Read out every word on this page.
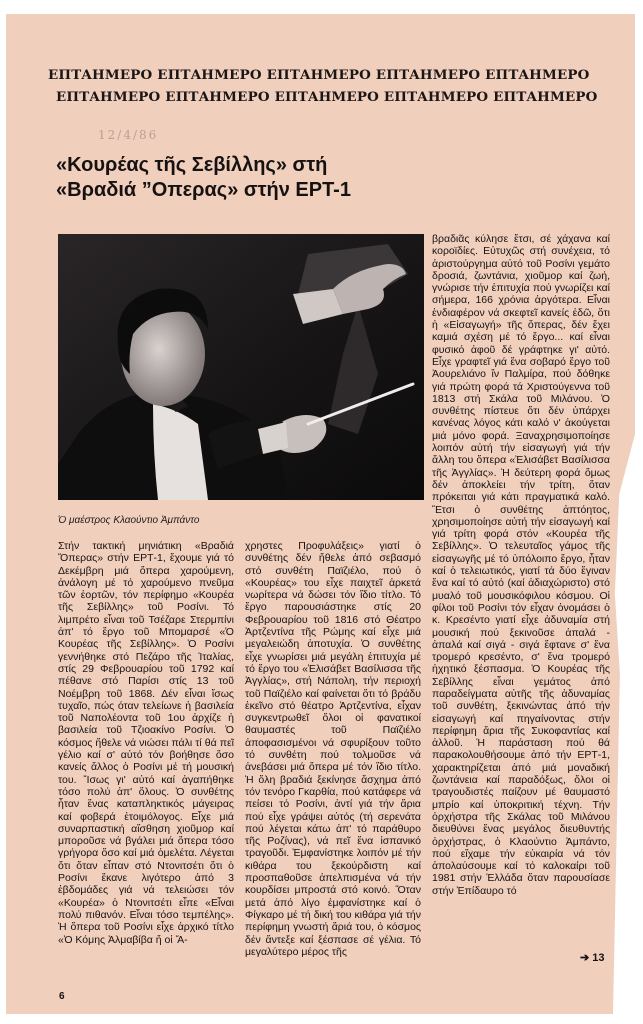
ΕΠΤΑΗΜΕΡΟ ΕΠΤΑΗΜΕΡΟ ΕΠΤΑΗΜΕΡΟ ΕΠΤΑΗΜΕΡΟ ΕΠΤΑΗΜΕΡΟ
ΕΠΤΑΗΜΕΡΟ ΕΠΤΑΗΜΕΡΟ ΕΠΤΑΗΜΕΡΟ ΕΠΤΑΗΜΕΡΟ ΕΠΤΑΗΜΕΡΟ
12/4/86
«Κουρέας τῆς Σεβίλλης» στή
«Βραδιά ”Οπερας» στήν ΕΡΤ-1
Ὁ μαέστρος Κλαούντιο Ἀμπάντο

Στήν τακτική μηνιάτικη «Βραδιά Ὄπερας» στήν ΕΡΤ-1, ἔχουμε γιά τό Δεκέμβρη μιά ὄπερα χαρούμενη, ἀνάλογη μέ τό χαρούμενο πνεῦμα τῶν ἑορτῶν, τόν περίφημο «Κουρέα τῆς Σεβίλλης» τοῦ Ροσίνι. Τό λιμπρέτο εἶναι τοῦ Τσέζαρε Στερμπίνι ἀπ' τό ἔργο τοῦ Μπομαρσέ «Ὁ Κουρέας τῆς Σεβίλλης». Ὁ Ροσίνι γεννήθηκε στό Πεζάρο τῆς Ἰταλίας, στίς 29 Φεβρουαρίου τοῦ 1792 καί πέθανε στό Παρίσι στίς 13 τοῦ Νοέμβρη τοῦ 1868. Δέν εἶναι ἴσως τυχαῖο, πώς όταν τελείωνε ἡ βασιλεία τοῦ Ναπολέοντα τοῦ 1ου ἀρχίζε ἡ βασιλεία τοῦ Τζιοακίνο Ροσίνι. Ὁ κόσμος ἤθελε νά νιώσει πάλι τί θά πεῖ γέλιο καί σ' αὐτό τόν βοήθησε ὅσο κανείς ἄλλος ὁ Ροσίνι μέ τή μουσική του. Ἴσως γι' αὐτό καί ἀγαπήθηκε τόσο πολύ ἀπ' ὅλους. Ὁ συνθέτης ἦταν ἕνας καταπληκτικός μάγειρας καί φοβερά ἑτοιμόλογος. Εἶχε μιά συναρπαστική αἴσθηση χιοῦμορ καί μποροῦσε νά βγάλει μιά ὄπερα τόσο γρήγορα ὅσο καί μιά ὀμελέτα. Λέγεται ὅτι ὅταν εἶπαν στό Ντονιτσέτι ὅτι ὁ Ροσίνι ἔκανε λιγότερο ἀπό 3 ἑβδομάδες γιά νά τελειώσει τόν «Κουρέα» ὁ Ντονιτσέτι εἶπε «Εἶναι πολύ πιθανόν. Εἶναι τόσο τεμπέλης». Ἡ ὄπερα τοῦ Ροσίνι εἶχε ἀρχικό τίτλο «Ὁ Κόμης Ἀλμαβίβα ἤ οἱ Ἄ-

χρηστες Προφυλάξεις» γιατί ὁ συνθέτης δέν ἤθελε ἀπό σεβασμό στό συνθέτη Παϊζιέλο, πού ὁ «Κουρέας» του εἶχε παιχτεῖ ἀρκετά νωρίτερα νά δώσει τόν ἴδιο τίτλο. Τό ἔργο παρουσιάστηκε στίς 20 Φεβρουαρίου τοῦ 1816 στό Θέατρο Ἀρτζεντίνα τῆς Ρώμης καί εἶχε μιά μεγαλειώδη ἀποτυχία. Ὁ συνθέτης εἶχε γνωρίσει μιά μεγάλη ἐπιτυχία μέ τό ἔργο του «Ἐλισάβετ Βασίλισσα τῆς Ἀγγλίας», στή Νάπολη, τήν περιοχή τοῦ Παϊζιέλο καί φαίνεται ὅτι τό βράδυ ἐκεῖνο στό θέατρο Ἀρτζεντίνα, εἶχαν συγκεντρωθεῖ ὅλοι οἱ φανατικοί θαυμαστές τοῦ Παϊζιέλο ἀποφασισμένοι νά σφυρίξουν τοῦτο τό συνθέτη πού τολμοῦσε νά ἀνεβάσει μιά ὄπερα μέ τόν ἴδιο τίτλο. Ἡ ὅλη βραδιά ξεκίνησε ἄσχημα ἀπό τόν τενόρο Γκαρθία, πού κατάφερε νά πείσει τό Ροσίνι, ἀντί γιά τήν ἄρια πού εἶχε γράψει αὐτός (τή σερενάτα πού λέγεται κάτω ἀπ' τό παράθυρο τῆς Ροζίνας), νά πεῖ ἕνα ἱσπανικό τραγοῦδι. Ἐμφανίστηκε λοιπόν μέ τήν κιθάρα του ξεκούρδιστη καί προσπαθοῦσε ἀπελπισμένα νά τήν κουρδίσει μπροστά στό κοινό. Ὅταν μετά ἀπό λίγο ἐμφανίστηκε καί ὁ Φίγκαρο μέ τή δική του κιθάρα γιά τήν περίφημη γνωστή ἄριά του, ὁ κόσμος δέν ἄντεξε καί ξέσπασε σέ γέλια. Τό μεγαλύτερο μέρος τῆς

βραδιᾶς κύλησε ἔτσι, σέ χάχανα καί κοροϊδίες. Εὐτυχῶς στή συνέχεια, τό ἀριστούργημα αὐτό τοῦ Ροσίνι γεμάτο δροσιά, ζωντάνια, χιοῦμορ καί ζωή, γνώρισε τήν ἐπιτυχία πού γνωρίζει καί σήμερα, 166 χρόνια ἀργότερα. Εἶναι ἐνδιαφέρον νά σκεφτεῖ κανείς ἐδῶ, ὅτι ἡ «Εἰσαγωγή» τῆς ὄπερας, δέν ἔχει καμιά σχέση μέ τό ἔργο... καί εἶναι φυσικό ἀφοῦ δέ γράφτηκε γι' αὐτό. Εἶχε γραφτεῖ γιά ἕνα σοβαρό ἔργο τοῦ Ἀουρελιάνο ἴν Παλμίρα, πού δόθηκε γιά πρώτη φορά τά Χριστούγεννα τοῦ 1813 στή Σκάλα τοῦ Μιλάνου. Ὁ συνθέτης πίστευε ὅτι δέν ὑπάρχει κανένας λόγος κάτι καλό ν' ἀκούγεται μιά μόνο φορά. Ξαναχρησιμοποίησε λοιπόν αὐτή τήν εἰσαγωγή γιά τήν ἄλλη του ὄπερα «Ἐλισάβετ Βασίλισσα τῆς Ἀγγλίας». Ἡ δεύτερη φορά ὅμως δέν ἀποκλείει τήν τρίτη, ὅταν πρόκειται γιά κάτι πραγματικά καλό. Ἔτσι ὁ συνθέτης ἀπτόητος, χρησιμοποίησε αὐτή τήν εἰσαγωγή καί γιά τρίτη φορά στόν «Κουρέα τῆς Σεβίλλης». Ὁ τελευταῖος γάμος τῆς εἰσαγωγῆς μέ τό ὑπόλοιπο ἔργο, ἦταν καί ὁ τελειωτικός, γιατί τά δύο ἔγιναν ἕνα καί τό αὐτό (καί ἀδιαχώριστο) στό μυαλό τοῦ μουσικόφιλου κόσμου. Οἱ φίλοι τοῦ Ροσίνι τόν εἶχαν ὀνομάσει ὁ κ. Κρεσέντο γιατί εἶχε ἀδυναμία στή μουσική πού ξεκινοῦσε ἀπαλά - ἀπαλά καί σιγά - σιγά ἔφτανε σ' ἕνα τρομερό κρεσέντο, σ' ἕνα τρομερό ἠχητικό ξέσπασμα. Ὁ Κουρέας τῆς Σεβίλλης εἶναι γεμάτος ἀπό παραδείγματα αὐτῆς τῆς ἀδυναμίας τοῦ συνθέτη, ξεκινώντας ἀπό τήν εἰσαγωγή καί πηγαίνοντας στήν περίφημη ἄρια τῆς Συκοφαντίας καί ἀλλοῦ. Ἡ παράσταση πού θά παρακολουθήσουμε ἀπό τήν ΕΡΤ-1, χαρακτηρίζεται ἀπό μιά μοναδική ζωντάνεια καί παραδόξως, ὅλοι οἱ τραγουδιστές παίζουν μέ θαυμαστό μπρίο καί ὑποκριτική τέχνη. Τήν ὀρχήστρα τῆς Σκάλας τοῦ Μιλάνου διευθύνει ἕνας μεγάλος διευθυντής ὀρχήστρας, ὁ Κλαούντιο Ἀμπάντο, πού εἴχαμε τήν εὐκαιρία νά τόν ἀπολαύσουμε καί τό καλοκαίρι τοῦ 1981 στήν Ἑλλάδα ὅταν παρουσίασε στήν Ἐπίδαυρο τό

6
➔ 13
